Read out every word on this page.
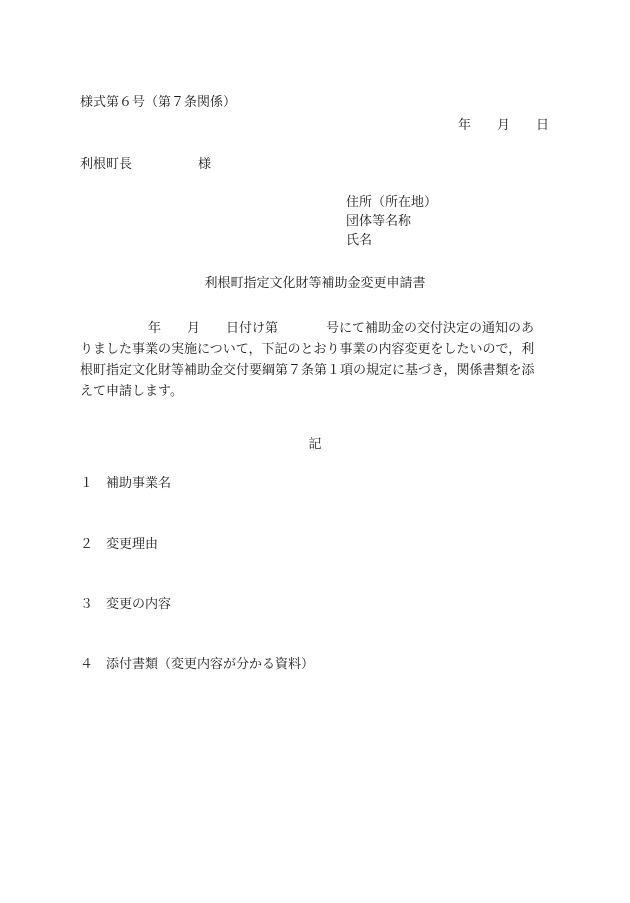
様式第６号（第７条関係）
年 月 日
利根町長	様
住所（所在地）
団体等名称
氏名
利根町指定文化財等補助金変更申請書
年 月 日付け第	号にて補助金の交付決定の通知のあ
りました事業の実施について，下記のとおり事業の内容変更をしたいので，利
根町指定文化財等補助金交付要綱第７条第１項の規定に基づき，関係書類を添
えて申請します。
記
１ 補助事業名
２ 変更理由
３ 変更の内容
４ 添付書類（変更内容が分かる資料）
